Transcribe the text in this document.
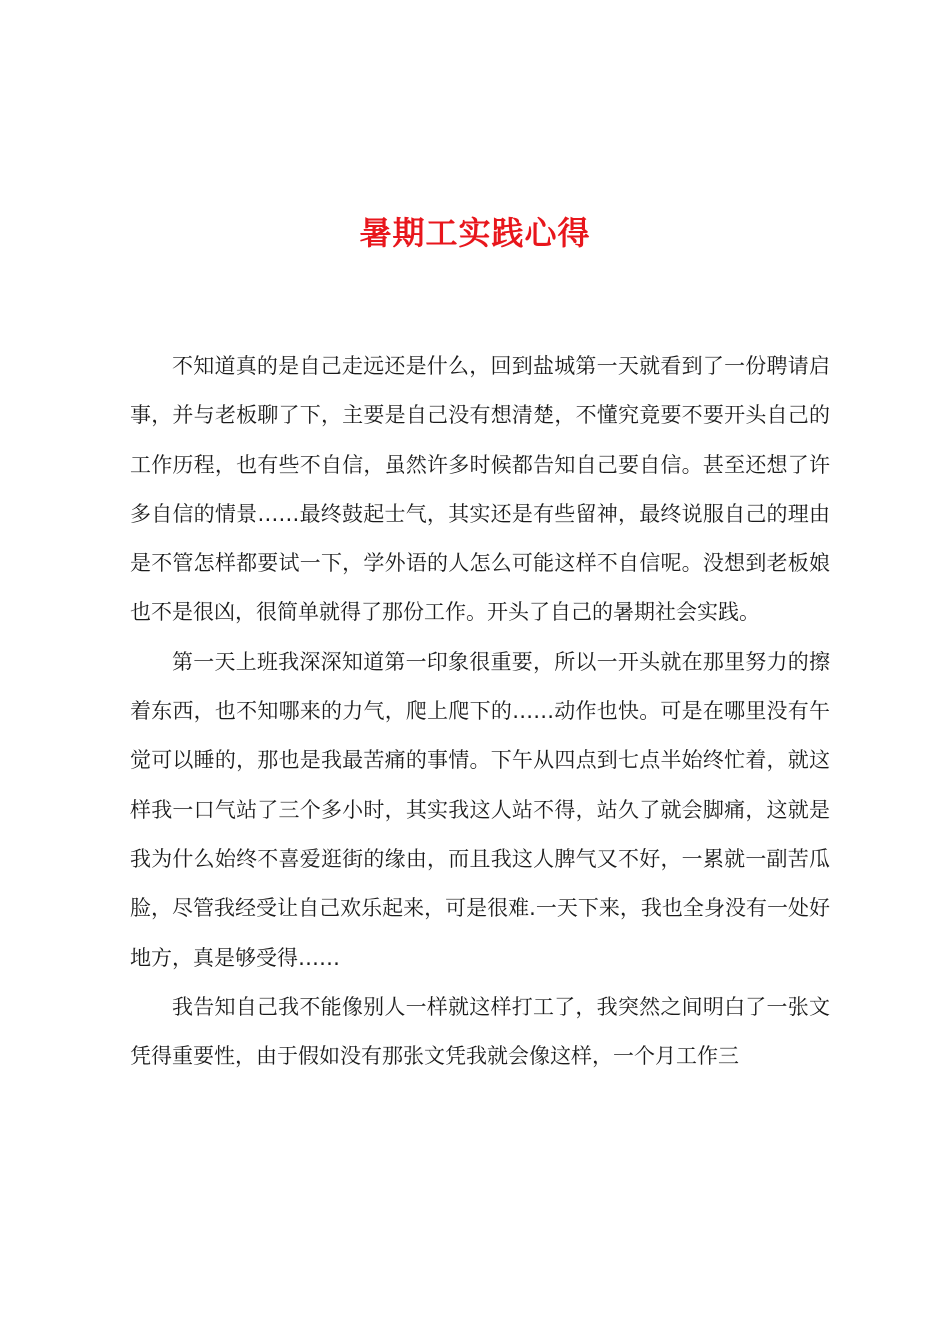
暑期工实践心得

不知道真的是自己走远还是什么，回到盐城第一天就看到了一份聘请启事，并与老板聊了下，主要是自己没有想清楚，不懂究竟要不要开头自己的工作历程，也有些不自信，虽然许多时候都告知自己要自信。甚至还想了许多自信的情景……最终鼓起士气，其实还是有些留神，最终说服自己的理由是不管怎样都要试一下，学外语的人怎么可能这样不自信呢。没想到老板娘也不是很凶，很简单就得了那份工作。开头了自己的暑期社会实践。

第一天上班我深深知道第一印象很重要，所以一开头就在那里努力的擦着东西，也不知哪来的力气，爬上爬下的……动作也快。可是在哪里没有午觉可以睡的，那也是我最苦痛的事情。下午从四点到七点半始终忙着，就这样我一口气站了三个多小时，其实我这人站不得，站久了就会脚痛，这就是我为什么始终不喜爱逛街的缘由，而且我这人脾气又不好，一累就一副苦瓜脸，尽管我经受让自己欢乐起来，可是很难.一天下来，我也全身没有一处好地方，真是够受得……

我告知自己我不能像别人一样就这样打工了，我突然之间明白了一张文凭得重要性，由于假如没有那张文凭我就会像这样，一个月工作三
